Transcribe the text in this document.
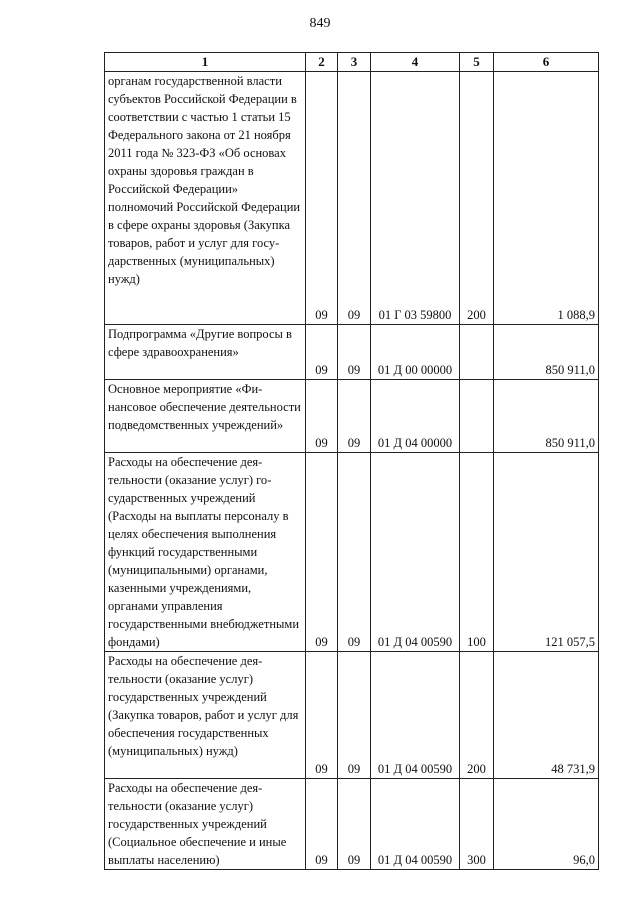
849
1	2	3	4	5	6
органам государственной власти субъектов Российской Федерации в соответствии с частью 1 статьи 15 Федерального закона от 21 ноября 2011 года № 323-ФЗ «Об основах охраны здоровья граждан в Российской Федерации» полномочий Российской Федерации в сфере охраны здоровья (Закупка товаров, работ и услуг для государственных (муниципальных) нужд)	09	09	01 Г 03 59800	200	1 088,9
Подпрограмма «Другие вопросы в сфере здравоохранения»	09	09	01 Д 00 00000		850 911,0
Основное мероприятие «Финансовое обеспечение деятельности подведомственных учреждений»	09	09	01 Д 04 00000		850 911,0
Расходы на обеспечение деятельности (оказание услуг) государственных учреждений (Расходы на выплаты персоналу в целях обеспечения выполнения функций государственными (муниципальными) органами, казенными учреждениями, органами управления государственными внебюджетными фондами)	09	09	01 Д 04 00590	100	121 057,5
Расходы на обеспечение деятельности (оказание услуг) государственных учреждений (Закупка товаров, работ и услуг для обеспечения государственных (муниципальных) нужд)	09	09	01 Д 04 00590	200	48 731,9
Расходы на обеспечение деятельности (оказание услуг) государственных учреждений (Социальное обеспечение и иные выплаты населению)	09	09	01 Д 04 00590	300	96,0
